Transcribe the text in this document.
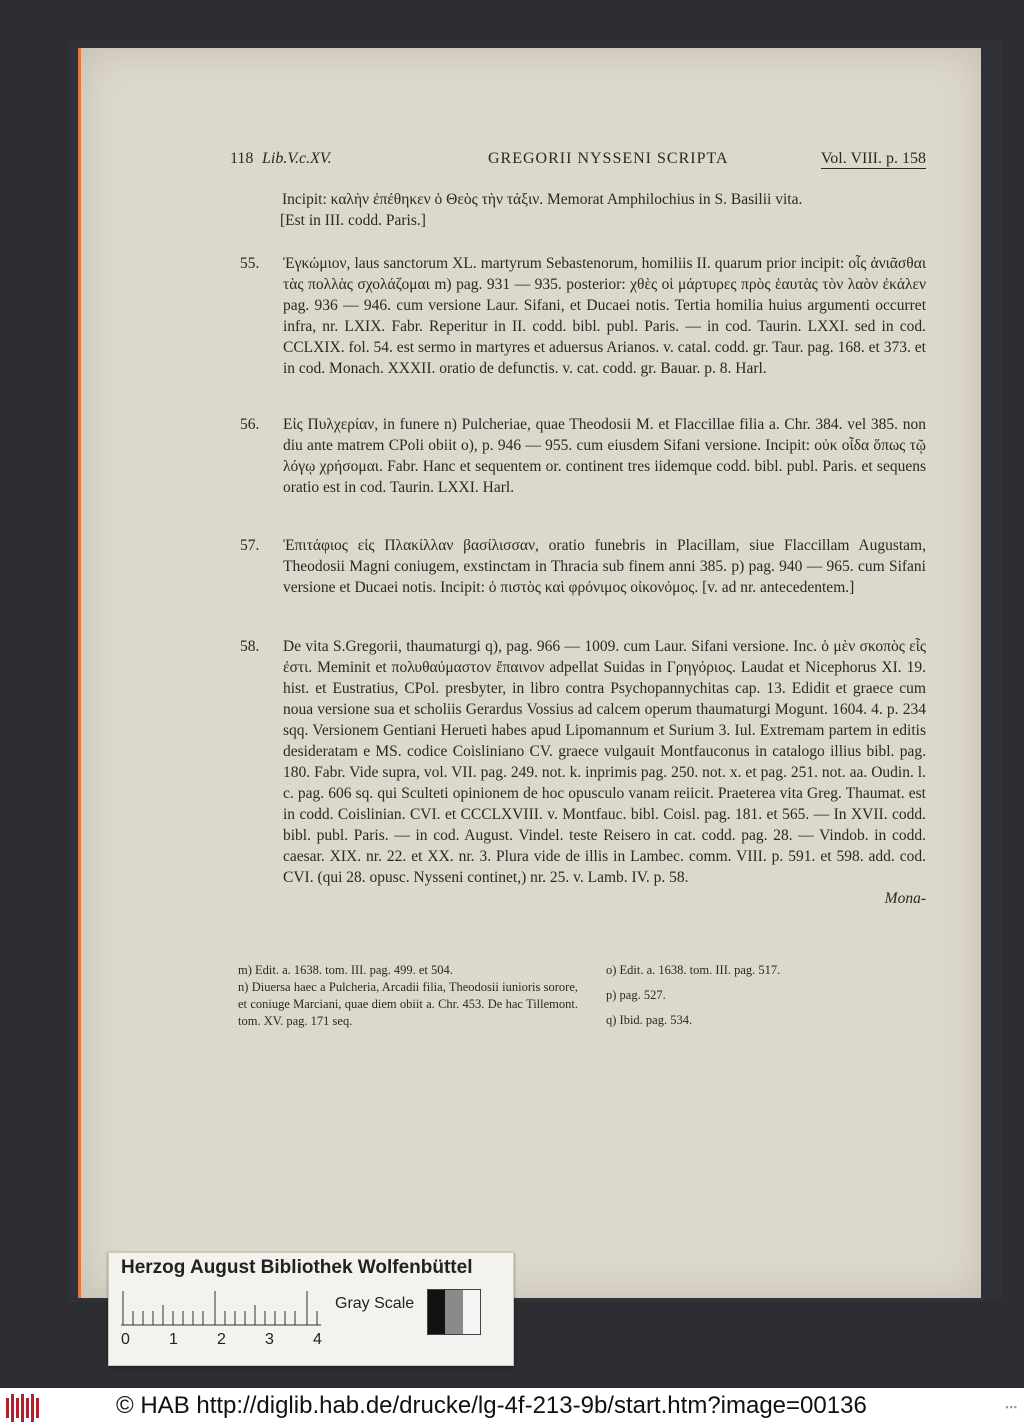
118 Lib.V.c.XV.	GREGORII NYSSENI SCRIPTA	Vol. VIII. p. 158
Incipit: καλὴν ἐπέθηκεν ὁ Θεὸς τὴν τάξιν. Memorat Amphilochius in S. Basilii vita.
[Est in III. codd. Paris.]
55. Ἐγκώμιον, laus sanctorum XL. martyrum Sebastenorum, homiliis II. quarum prior incipit: οἷς ἀνιᾶσθαι τὰς πολλὰς σχολάζομαι m) pag. 931 — 935. posterior: χθὲς οἱ μάρτυρες πρὸς ἑαυτὰς τὸν λαὸν ἐκάλεν pag. 936 — 946. cum versione Laur. Sifani, et Ducaei notis. Tertia homilia huius argumenti occurret infra, nr. LXIX. Fabr. Reperitur in II. codd. bibl. publ. Paris. — in cod. Taurin. LXXI. sed in cod. CCLXIX. fol. 54. est sermo in martyres et aduersus Arianos. v. catal. codd. gr. Taur. pag. 168. et 373. et in cod. Monach. XXXII. oratio de defunctis. v. cat. codd. gr. Bauar. p. 8. Harl.
56. Εἰς Πυλχερίαν, in funere n) Pulcheriae, quae Theodosii M. et Flaccillae filia a. Chr. 384. vel 385. non diu ante matrem CPoli obiit o), p. 946 — 955. cum eiusdem Sifani versione. Incipit: οὐκ οἶδα ὅπως τῷ λόγῳ χρήσομαι. Fabr. Hanc et sequentem or. continent tres iidemque codd. bibl. publ. Paris. et sequens oratio est in cod. Taurin. LXXI. Harl.
57. Ἐπιτάφιος εἰς Πλακίλλαν βασίλισσαν, oratio funebris in Placillam, siue Flaccillam Augustam, Theodosii Magni coniugem, exstinctam in Thracia sub finem anni 385. p) pag. 940 — 965. cum Sifani versione et Ducaei notis. Incipit: ὁ πιστὸς καὶ φρόνιμος οἰκονόμος. [v. ad nr. antecedentem.]
58. De vita S.Gregorii, thaumaturgi q), pag. 966 — 1009. cum Laur. Sifani versione. Inc. ὁ μὲν σκοπὸς εἷς ἐστι. Meminit et πολυθαύμαστον ἔπαινον adpellat Suidas in Γρηγόριος. Laudat et Nicephorus XI. 19. hist. et Eustratius, CPol. presbyter, in libro contra Psychopannychitas cap. 13. Edidit et graece cum noua versione sua et scholiis Gerardus Vossius ad calcem operum thaumaturgi Mogunt. 1604. 4. p. 234 sqq. Versionem Gentiani Herueti habes apud Lipomannum et Surium 3. Iul. Extremam partem in editis desideratam e MS. codice Coisliniano CV. graece vulgauit Montfauconus in catalogo illius bibl. pag. 180. Fabr. Vide supra, vol. VII. pag. 249. not. k. inprimis pag. 250. not. x. et pag. 251. not. aa. Oudin. l. c. pag. 606 sq. qui Sculteti opinionem de hoc opusculo vanam reiicit. Praeterea vita Greg. Thaumat. est in codd. Coislinian. CVI. et CCCLXVIII. v. Montfauc. bibl. Coisl. pag. 181. et 565. — In XVII. codd. bibl. publ. Paris. — in cod. August. Vindel. teste Reisero in cat. codd. pag. 28. — Vindob. in codd. caesar. XIX. nr. 22. et XX. nr. 3. Plura vide de illis in Lambec. comm. VIII. p. 591. et 598. add. cod. CVI. (qui 28. opusc. Nysseni continet,) nr. 25. v. Lamb. IV. p. 58.
Mona-
m) Edit. a. 1638. tom. III. pag. 499. et 504.
n) Diuersa haec a Pulcheria, Arcadii filia, Theodosii iunioris sorore, et coniuge Marciani, quae diem obiit a. Chr. 453. De hac Tillemont. tom. XV. pag. 171 seq.
o) Edit. a. 1638. tom. III. pag. 517.
p) pag. 527.
q) Ibid. pag. 534.
Herzog August Bibliothek Wolfenbüttel
Gray Scale
0 1 2 3 4
© HAB http://diglib.hab.de/drucke/lg-4f-213-9b/start.htm?image=00136	▪▪▪
